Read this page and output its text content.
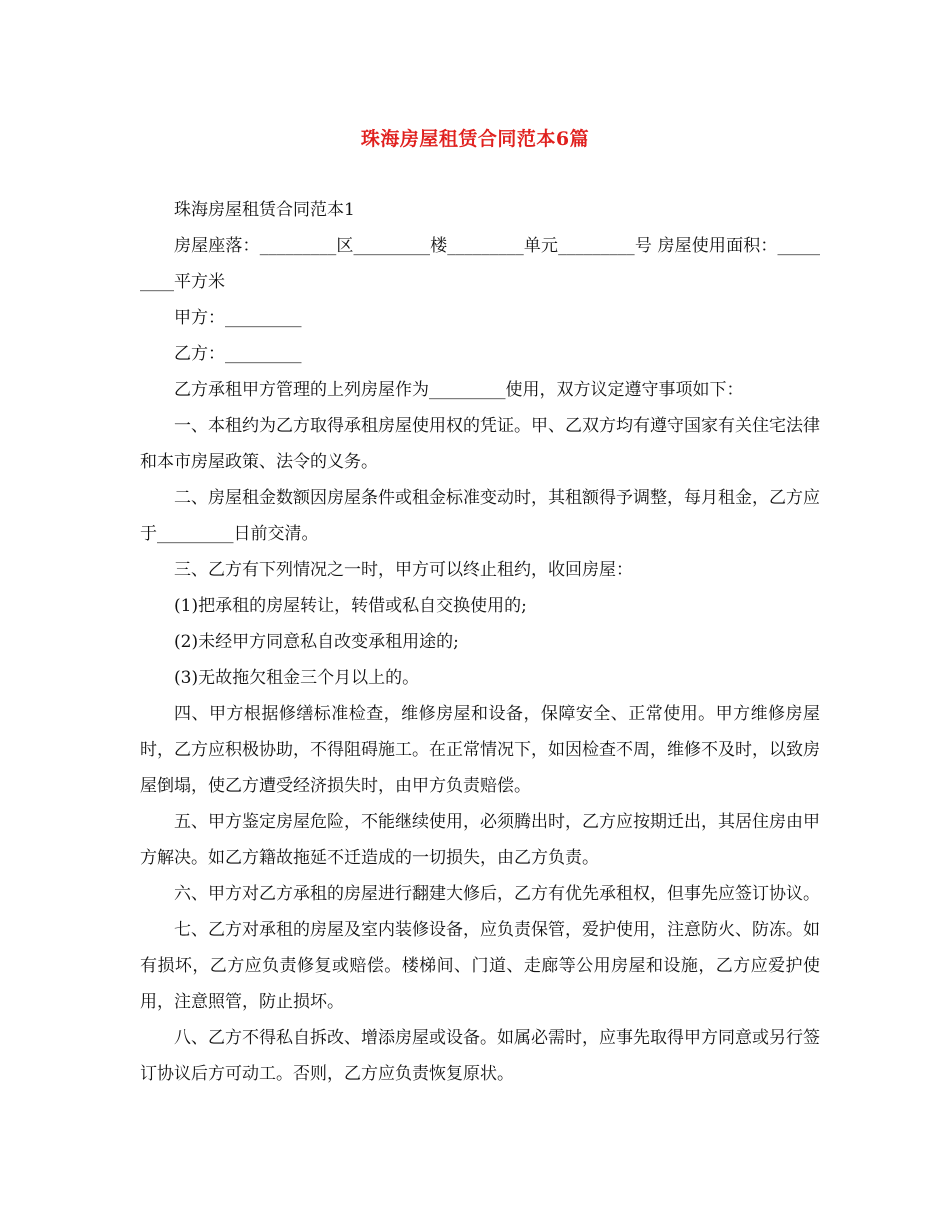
珠海房屋租赁合同范本6篇

珠海房屋租赁合同范本1

房屋座落：_________区_________楼_________单元_________号 房屋使用面积：_________平方米

甲方：_________

乙方：_________

乙方承租甲方管理的上列房屋作为_________使用，双方议定遵守事项如下：

一、本租约为乙方取得承租房屋使用权的凭证。甲、乙双方均有遵守国家有关住宅法律和本市房屋政策、法令的义务。

二、房屋租金数额因房屋条件或租金标准变动时，其租额得予调整，每月租金，乙方应于_________日前交清。

三、乙方有下列情况之一时，甲方可以终止租约，收回房屋：

(1)把承租的房屋转让，转借或私自交换使用的;

(2)未经甲方同意私自改变承租用途的;

(3)无故拖欠租金三个月以上的。

四、甲方根据修缮标准检查，维修房屋和设备，保障安全、正常使用。甲方维修房屋时，乙方应积极协助，不得阻碍施工。在正常情况下，如因检查不周，维修不及时，以致房屋倒塌，使乙方遭受经济损失时，由甲方负责赔偿。

五、甲方鉴定房屋危险，不能继续使用，必须腾出时，乙方应按期迁出，其居住房由甲方解决。如乙方籍故拖延不迁造成的一切损失，由乙方负责。

六、甲方对乙方承租的房屋进行翻建大修后，乙方有优先承租权，但事先应签订协议。

七、乙方对承租的房屋及室内装修设备，应负责保管，爱护使用，注意防火、防冻。如有损坏，乙方应负责修复或赔偿。楼梯间、门道、走廊等公用房屋和设施，乙方应爱护使用，注意照管，防止损坏。

八、乙方不得私自拆改、增添房屋或设备。如属必需时，应事先取得甲方同意或另行签订协议后方可动工。否则，乙方应负责恢复原状。
